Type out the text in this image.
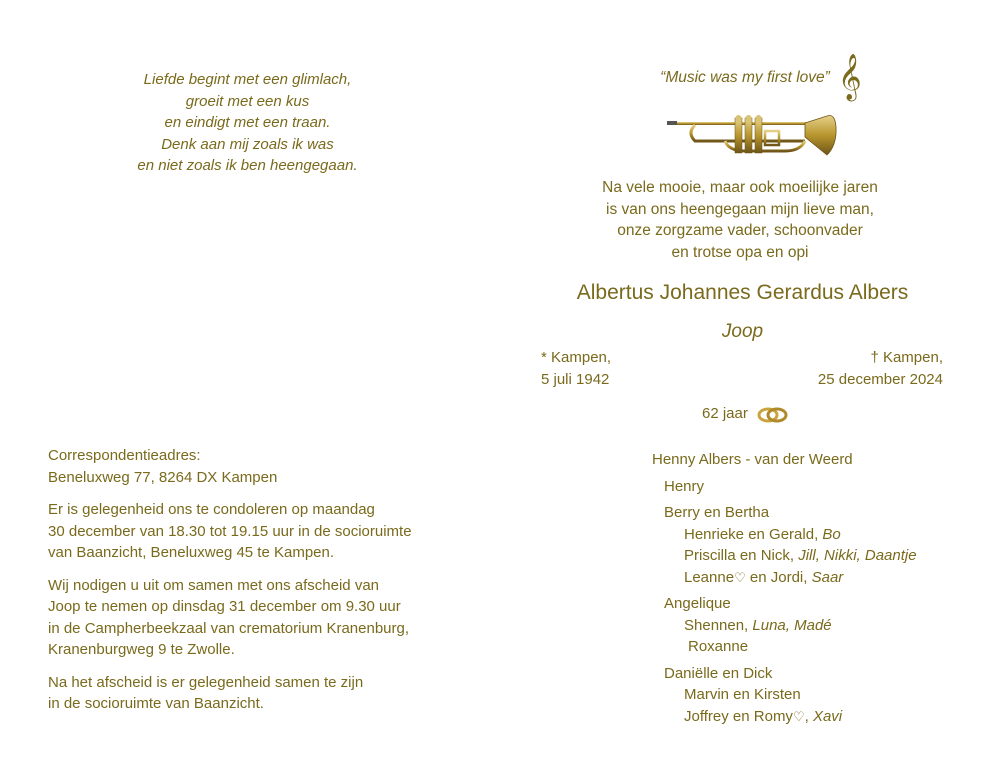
Liefde begint met een glimlach,
groeit met een kus
en eindigt met een traan.
Denk aan mij zoals ik was
en niet zoals ik ben heengegaan.
“Music was my first love” 𝄞
Na vele mooie, maar ook moeilijke jaren
is van ons heengegaan mijn lieve man,
onze zorgzame vader, schoonvader
en trotse opa en opi
Albertus Johannes Gerardus Albers
Joop
* Kampen,
5 juli 1942
† Kampen,
25 december 2024
62 jaar

Correspondentieadres:
Beneluxweg 77, 8264 DX Kampen

Er is gelegenheid ons te condoleren op maandag
30 december van 18.30 tot 19.15 uur in de socioruimte
van Baanzicht, Beneluxweg 45 te Kampen.

Wij nodigen u uit om samen met ons afscheid van
Joop te nemen op dinsdag 31 december om 9.30 uur
in de Campherbeekzaal van crematorium Kranenburg,
Kranenburgweg 9 te Zwolle.

Na het afscheid is er gelegenheid samen te zijn
in de socioruimte van Baanzicht.

Henny Albers - van der Weerd
Henry
Berry en Bertha
Henrieke en Gerald, Bo
Priscilla en Nick, Jill, Nikki, Daantje
Leanne♡ en Jordi, Saar
Angelique
Shennen, Luna, Madé
Roxanne
Daniëlle en Dick
Marvin en Kirsten
Joffrey en Romy♡, Xavi
